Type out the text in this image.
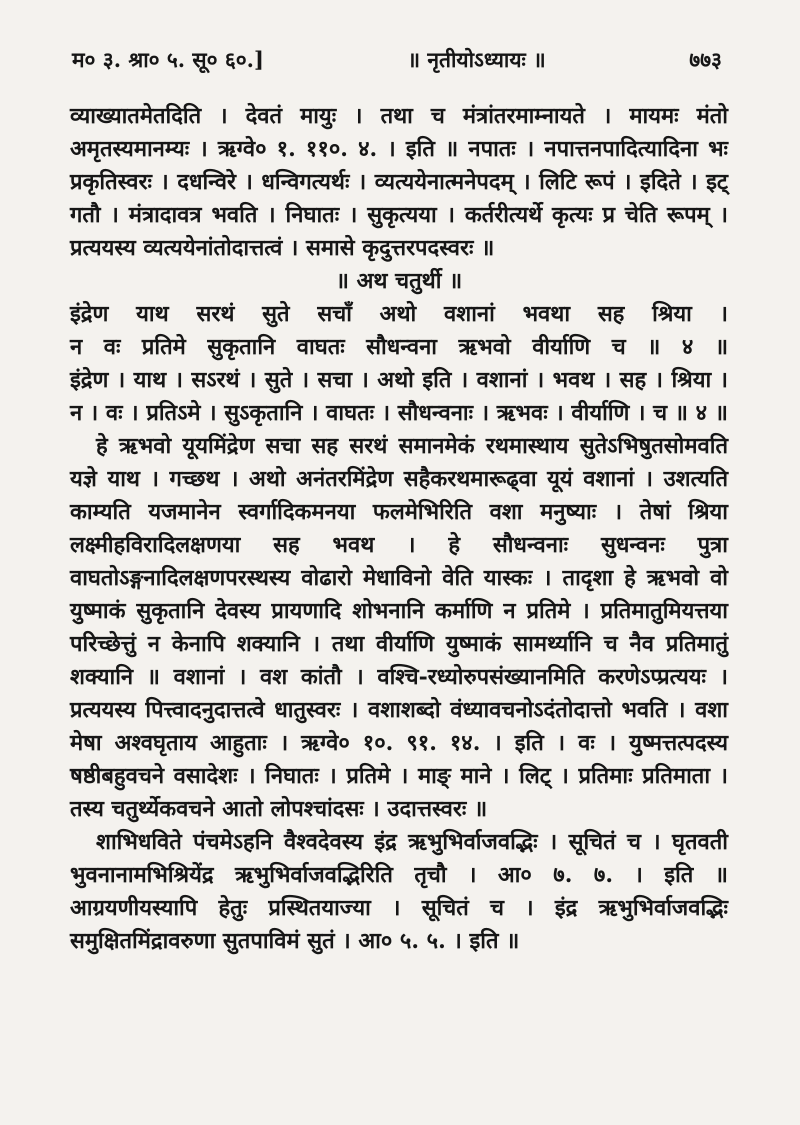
म० ३. श्रा० ५. सू० ६०.]	॥ नृतीयोऽध्यायः ॥	७७३

व्याख्यातमेतदिति । देवतं मायुः । तथा च मंत्रांतरमाम्नायते । मायमः मंतो अमृतस्यमानम्यः । ऋग्वे० १. ११०. ४. । इति ॥ नपातः । नपात्तनपादित्यादिना भः प्रकृतिस्वरः । दधन्विरे । धन्विगत्यर्थः । व्यत्ययेनात्मनेपदम् । लिटि रूपं । इदिते । इट् गतौ । मंत्रादावत्र भवति । निघातः । सुकृत्यया । कर्तरीत्यर्थे कृत्यः प्र चेति रूपम् । प्रत्ययस्य व्यत्ययेनांतोदात्तत्वं । समासे कृदुत्तरपदस्वरः ॥

॥ अथ चतुर्थी ॥

इंद्रेण याथ सरथं सुते सचाँ अथो वशानां भवथा सह श्रिया ।
न वः प्रतिमे सुकृतानि वाघतः सौधन्वना ऋभवो वीर्याणि च ॥ ४ ॥
इंद्रेण । याथ । सऽरथं । सुते । सचा । अथो इति । वशानां । भवथ । सह । श्रिया ।
न । वः । प्रतिऽमे । सुऽकृतानि । वाघतः । सौधन्वनाः । ऋभवः । वीर्याणि । च ॥ ४ ॥

हे ऋभवो यूयमिंद्रेण सचा सह सरथं समानमेकं रथमास्थाय सुतेऽभिषुतसोमवति यज्ञे याथ । गच्छथ । अथो अनंतरमिंद्रेण सहैकरथमारूढ्वा यूयं वशानां । उशत्यति काम्यति यजमानेन स्वर्गादिकमनया फलमेभिरिति वशा मनुष्याः । तेषां श्रिया लक्ष्मीहविरादिलक्षणया सह भवथ । हे सौधन्वनाः सुधन्वनः पुत्रा वाघतोऽङ्गनादिलक्षणपरस्थस्य वोढारो मेधाविनो वेति यास्कः । तादृशा हे ऋभवो वो युष्माकं सुकृतानि देवस्य प्रायणादि शोभनानि कर्माणि न प्रतिमे । प्रतिमातुमियत्तया परिच्छेत्तुं न केनापि शक्यानि । तथा वीर्याणि युष्माकं सामर्थ्यानि च नैव प्रतिमातुं शक्यानि ॥ वशानां । वश कांतौ । वश्चि-रध्योरुपसंख्यानमिति करणेऽप्प्रत्ययः । प्रत्ययस्य पित्त्वादनुदात्तत्वे धातुस्वरः । वशाशब्दो वंध्यावचनोऽदंतोदात्तो भवति । वशा मेषा अश्वघृताय आहुताः । ऋग्वे० १०. ९१. १४. । इति । वः । युष्मत्तत्पदस्य षष्ठीबहुवचने वसादेशः । निघातः । प्रतिमे । माङ् माने । लिट् । प्रतिमाः प्रतिमाता । तस्य चतुर्थ्येकवचने आतो लोपश्चांदसः । उदात्तस्वरः ॥

शाभिधविते पंचमेऽहनि वैश्वदेवस्य इंद्र ऋभुभिर्वाजवद्भिः । सूचितं च । घृतवती भुवनानामभिश्रियेंद्र ऋभुभिर्वाजवद्भिरिति तृचौ । आ० ७. ७. । इति ॥ आग्रयणीयस्यापि हेतुः प्रस्थितयाज्या । सूचितं च । इंद्र ऋभुभिर्वाजवद्भिः समुक्षितमिंद्रावरुणा सुतपाविमं सुतं । आ० ५. ५. । इति ॥
